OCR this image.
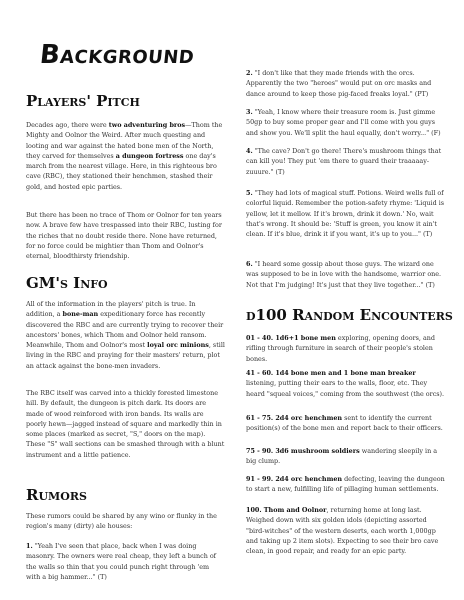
Background
Players' Pitch

Decades ago, there were two adventuring bros—Thom the Mighty and Oolnor the Weird. After much questing and looting and war against the hated bone men of the North, they carved for themselves a dungeon fortress one day's march from the nearest village. Here, in this righteous bro cave (RBC), they stationed their henchmen, stashed their gold, and hosted epic parties.

But there has been no trace of Thom or Oolnor for ten years now. A brave few have trespassed into their RBC, lusting for the riches that no doubt reside there. None have returned, for no force could be mightier than Thom and Oolnor's eternal, bloodthirsty friendship.

GM's Info

All of the information in the players' pitch is true. In addition, a bone-man expeditionary force has recently discovered the RBC and are currently trying to recover their ancestors' bones, which Thom and Oolnor held ransom. Meanwhile, Thom and Oolnor's most loyal orc minions, still living in the RBC and praying for their masters' return, plot an attack against the bone-men invaders.

The RBC itself was carved into a thickly forested limestone hill. By default, the dungeon is pitch dark. Its doors are made of wood reinforced with iron bands. Its walls are poorly hewn—jagged instead of square and markedly thin in some places (marked as secret, "S," doors on the map). These "S" wall sections can be smashed through with a blunt instrument and a little patience.

Rumors

These rumors could be shared by any wino or flunky in the region's many (dirty) ale houses:

1. "Yeah I've seen that place, back when I was doing masonry. The owners were real cheap, they left a bunch of the walls so thin that you could punch right through 'em with a big hammer..." (T)

2. "I don't like that they made friends with the orcs. Apparently the two "heroes" would put on orc masks and dance around to keep those pig-faced freaks loyal." (PT)

3. "Yeah, I know where their treasure room is. Just gimme 50gp to buy some proper gear and I'll come with you guys and show you. We'll split the haul equally, don't worry..." (F)

4. "The cave? Don't go there! There's mushroom things that can kill you! They put 'em there to guard their traaaaay-zuuure." (T)

5. "They had lots of magical stuff. Potions. Weird wells full of colorful liquid. Remember the potion-safety rhyme: 'Liquid is yellow, let it mellow. If it's brown, drink it down.' No, wait that's wrong. It should be: 'Stuff is green, you know it ain't clean. If it's blue, drink it if you want, it's up to you..." (T)

6. "I heard some gossip about those guys. The wizard one was supposed to be in love with the handsome, warrior one. Not that I'm judging! It's just that they live together..." (T)

d100 Random Encounters

01 - 40. 1d6+1 bone men exploring, opening doors, and rifling through furniture in search of their people's stolen bones.

41 - 60. 1d4 bone men and 1 bone man breaker listening, putting their ears to the walls, floor, etc. They heard "squeal voices," coming from the southwest (the orcs).

61 - 75. 2d4 orc henchmen sent to identify the current position(s) of the bone men and report back to their officers.

75 - 90. 3d6 mushroom soldiers wandering sleepily in a big clump.

91 - 99. 2d4 orc henchmen defecting, leaving the dungeon to start a new, fulfilling life of pillaging human settlements.

100. Thom and Oolnor, returning home at long last. Weighed down with six golden idols (depicting assorted "bird-witches" of the western deserts, each worth 1,000gp and taking up 2 item slots). Expecting to see their bro cave clean, in good repair, and ready for an epic party.
